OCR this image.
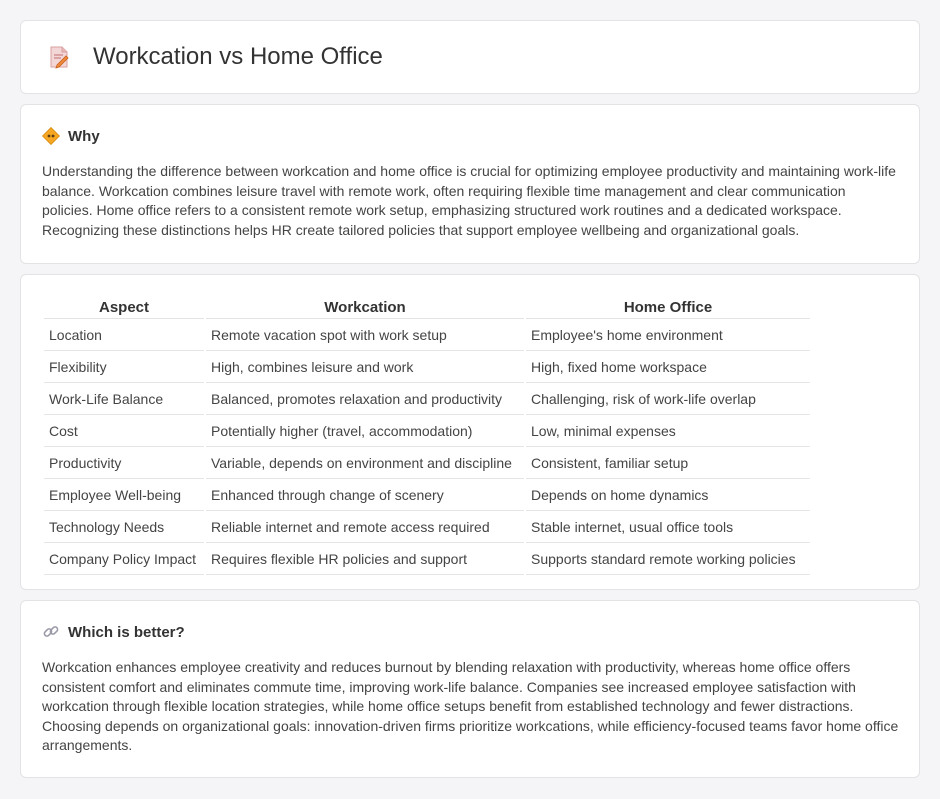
Workcation vs Home Office
Why

Understanding the difference between workcation and home office is crucial for optimizing employee productivity and maintaining work-life balance. Workcation combines leisure travel with remote work, often requiring flexible time management and clear communication policies. Home office refers to a consistent remote work setup, emphasizing structured work routines and a dedicated workspace. Recognizing these distinctions helps HR create tailored policies that support employee wellbeing and organizational goals.

Aspect	Workcation	Home Office
Location	Remote vacation spot with work setup	Employee's home environment
Flexibility	High, combines leisure and work	High, fixed home workspace
Work-Life Balance	Balanced, promotes relaxation and productivity	Challenging, risk of work-life overlap
Cost	Potentially higher (travel, accommodation)	Low, minimal expenses
Productivity	Variable, depends on environment and discipline	Consistent, familiar setup
Employee Well-being	Enhanced through change of scenery	Depends on home dynamics
Technology Needs	Reliable internet and remote access required	Stable internet, usual office tools
Company Policy Impact	Requires flexible HR policies and support	Supports standard remote working policies
Which is better?

Workcation enhances employee creativity and reduces burnout by blending relaxation with productivity, whereas home office offers consistent comfort and eliminates commute time, improving work-life balance. Companies see increased employee satisfaction with workcation through flexible location strategies, while home office setups benefit from established technology and fewer distractions. Choosing depends on organizational goals: innovation-driven firms prioritize workcations, while efficiency-focused teams favor home office arrangements.
